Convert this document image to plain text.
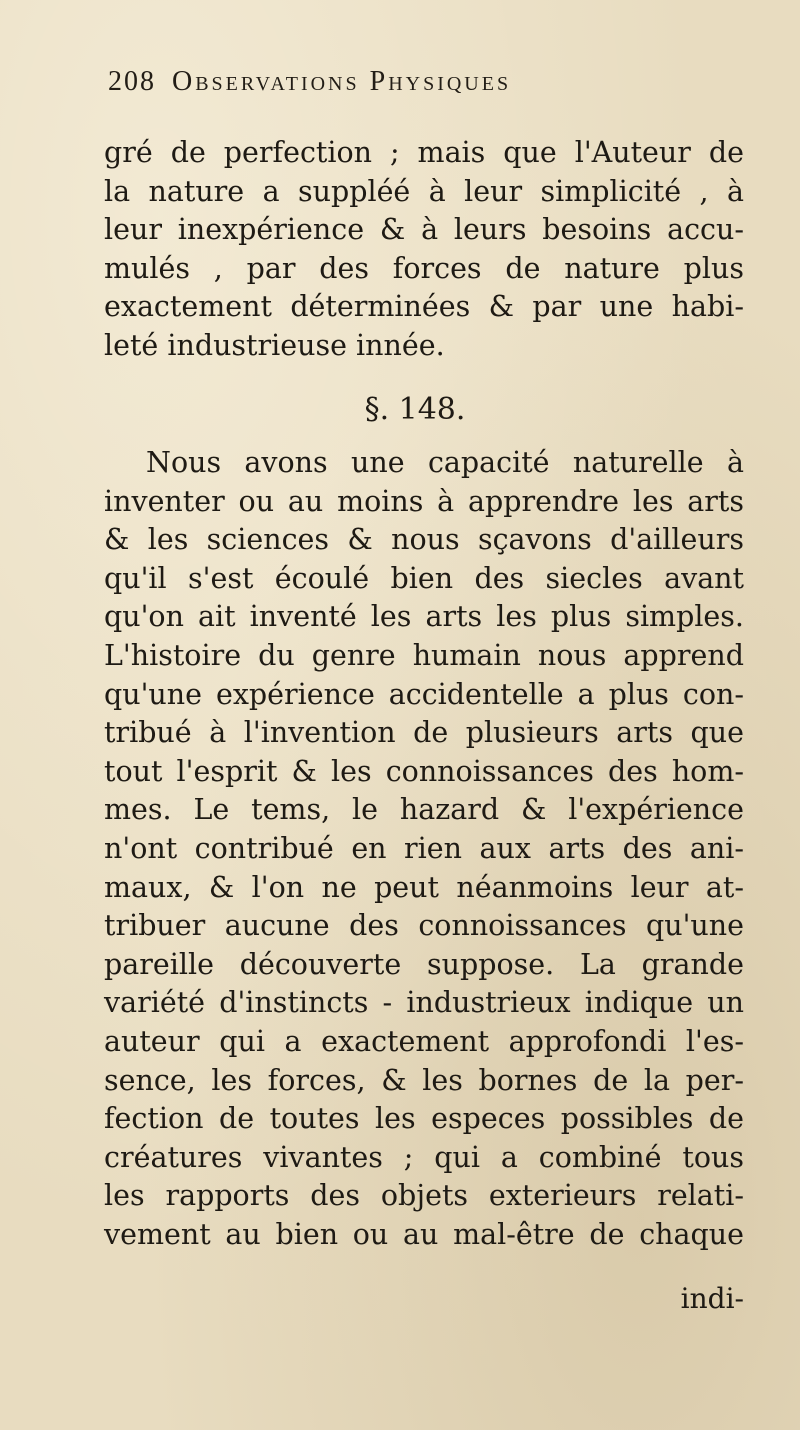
208 Observations Physiques
gré de perfection ; mais que l'Auteur de
la nature a suppléé à leur simplicité , à
leur inexpérience & à leurs besoins accu-
mulés , par des forces de nature plus
exactement déterminées & par une habi-
leté industrieuse innée.
§. 148.
Nous avons une capacité naturelle à
inventer ou au moins à apprendre les arts
& les sciences & nous sçavons d'ailleurs
qu'il s'est écoulé bien des siecles avant
qu'on ait inventé les arts les plus simples.
L'histoire du genre humain nous apprend
qu'une expérience accidentelle a plus con-
tribué à l'invention de plusieurs arts que
tout l'esprit & les connoissances des hom-
mes. Le tems, le hazard & l'expérience
n'ont contribué en rien aux arts des ani-
maux, & l'on ne peut néanmoins leur at-
tribuer aucune des connoissances qu'une
pareille découverte suppose. La grande
variété d'instincts - industrieux indique un
auteur qui a exactement approfondi l'es-
sence, les forces, & les bornes de la per-
fection de toutes les especes possibles de
créatures vivantes ; qui a combiné tous
les rapports des objets exterieurs relati-
vement au bien ou au mal-être de chaque
indi-
